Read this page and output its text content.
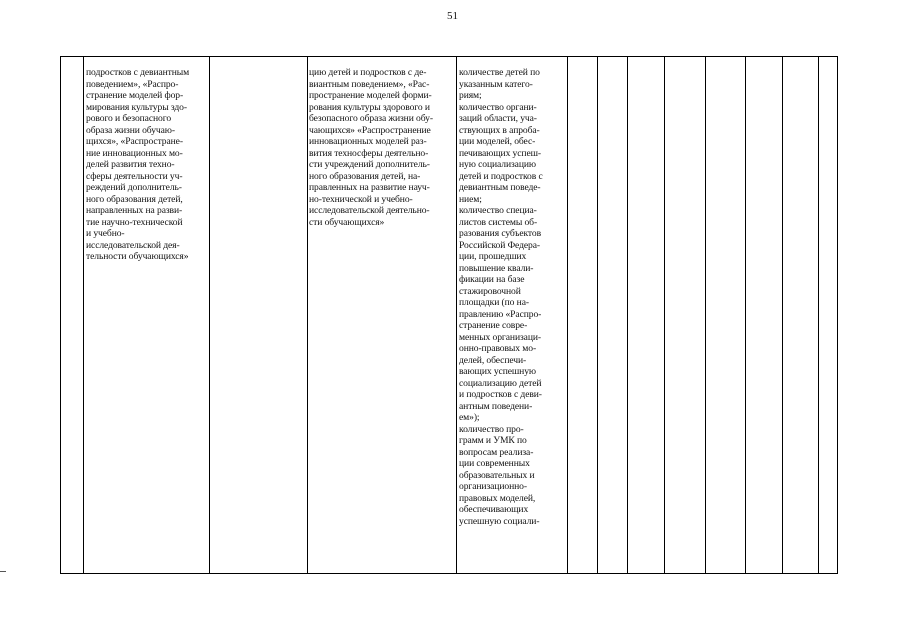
51
подростков с девиантным
поведением», «Распро-
странение моделей фор-
мирования культуры здо-
рового и безопасного
образа жизни обучаю-
щихся», «Распростране-
ние инновационных мо-
делей развития техно-
сферы деятельности уч-
реждений дополнитель-
ного образования детей,
направленных на разви-
тие научно-технической
и учебно-
исследовательской дея-
тельности обучающихся»
цию детей и подростков с де-
виантным поведением», «Рас-
пространение моделей форми-
рования культуры здорового и
безопасного образа жизни обу-
чающихся» «Распространение
инновационных моделей раз-
вития техносферы деятельно-
сти учреждений дополнитель-
ного образования детей, на-
правленных на развитие науч-
но-технической и учебно-
исследовательской деятельно-
сти обучающихся»
количестве детей по
указанным катего-
риям;
количество органи-
заций области, уча-
ствующих в апроба-
ции моделей, обес-
печивающих успеш-
ную социализацию
детей и подростков с
девиантным поведе-
нием;
количество специа-
листов системы об-
разования субъектов
Российской Федера-
ции, прошедших
повышение квали-
фикации на базе
стажировочной
площадки (по на-
правлению «Распро-
странение совре-
менных организаци-
онно-правовых мо-
делей, обеспечи-
вающих успешную
социализацию детей
и подростков с деви-
антным поведени-
ем»);
количество про-
грамм и УМК по
вопросам реализа-
ции современных
образовательных и
организационно-
правовых моделей,
обеспечивающих
успешную социали-
